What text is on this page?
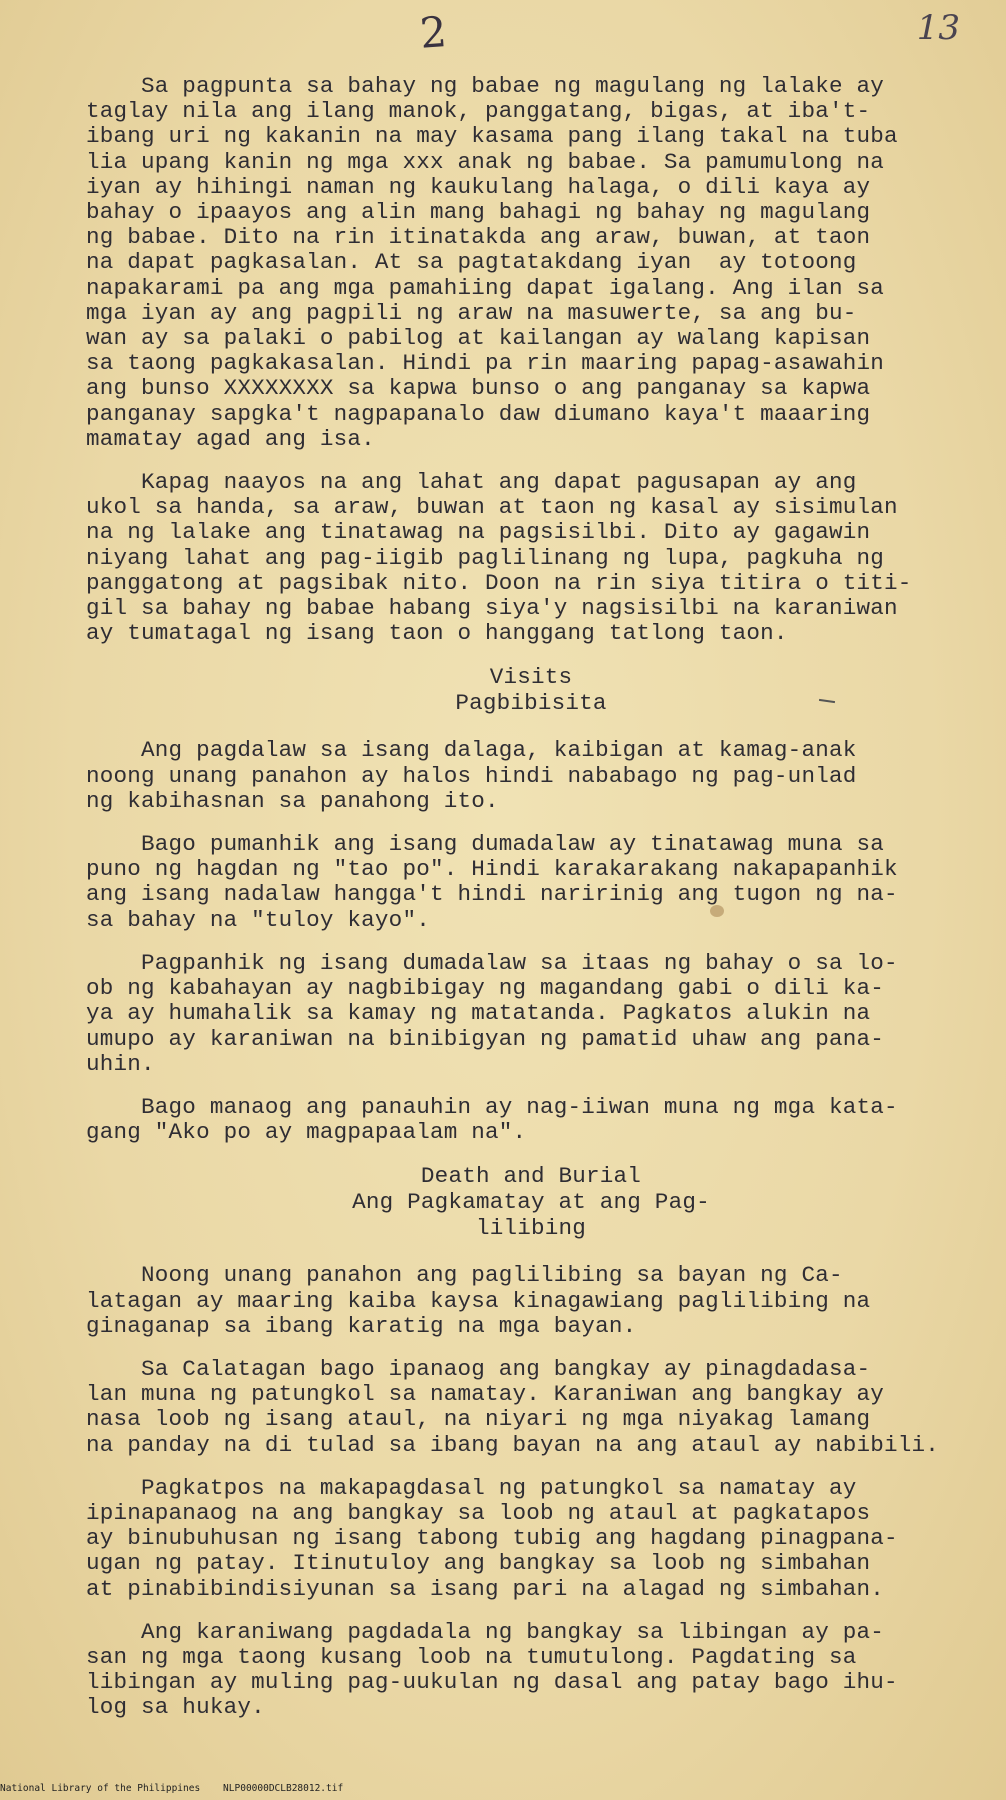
2	13
Sa pagpunta sa bahay ng babae ng magulang ng lalake ay
taglay nila ang ilang manok, panggatang, bigas, at iba't-
ibang uri ng kakanin na may kasama pang ilang takal na tuba
lia upang kanin ng mga xxx anak ng babae. Sa pamumulong na
iyan ay hihingi naman ng kaukulang halaga, o dili kaya ay
bahay o ipaayos ang alin mang bahagi ng bahay ng magulang
ng babae. Dito na rin itinatakda ang araw, buwan, at taon
na dapat pagkasalan. At sa pagtatakdang iyan  ay totoong
napakarami pa ang mga pamahiing dapat igalang. Ang ilan sa
mga iyan ay ang pagpili ng araw na masuwerte, sa ang bu-
wan ay sa palaki o pabilog at kailangan ay walang kapisan
sa taong pagkakasalan. Hindi pa rin maaring papag-asawahin
ang bunso XXXXXXXX sa kapwa bunso o ang panganay sa kapwa
panganay sapgka't nagpapanalo daw diumano kaya't maaaring
mamatay agad ang isa.
Kapag naayos na ang lahat ang dapat pagusapan ay ang
ukol sa handa, sa araw, buwan at taon ng kasal ay sisimulan
na ng lalake ang tinatawag na pagsisilbi. Dito ay gagawin
niyang lahat ang pag-iigib paglilinang ng lupa, pagkuha ng
panggatong at pagsibak nito. Doon na rin siya titira o titi-
gil sa bahay ng babae habang siya'y nagsisilbi na karaniwan
ay tumatagal ng isang taon o hanggang tatlong taon.
Visits
Pagbibisita
Ang pagdalaw sa isang dalaga, kaibigan at kamag-anak
noong unang panahon ay halos hindi nababago ng pag-unlad
ng kabihasnan sa panahong ito.
Bago pumanhik ang isang dumadalaw ay tinatawag muna sa
puno ng hagdan ng "tao po". Hindi karakarakang nakapapanhik
ang isang nadalaw hangga't hindi naririnig ang tugon ng na-
sa bahay na "tuloy kayo".
Pagpanhik ng isang dumadalaw sa itaas ng bahay o sa lo-
ob ng kabahayan ay nagbibigay ng magandang gabi o dili ka-
ya ay humahalik sa kamay ng matatanda. Pagkatos alukin na
umupo ay karaniwan na binibigyan ng pamatid uhaw ang pana-
uhin.
Bago manaog ang panauhin ay nag-iiwan muna ng mga kata-
gang "Ako po ay magpapaalam na".
Death and Burial
Ang Pagkamatay at ang Pag-
lilibing
Noong unang panahon ang paglilibing sa bayan ng Ca-
latagan ay maaring kaiba kaysa kinagawiang paglilibing na
ginaganap sa ibang karatig na mga bayan.
Sa Calatagan bago ipanaog ang bangkay ay pinagdadasa-
lan muna ng patungkol sa namatay. Karaniwan ang bangkay ay
nasa loob ng isang ataul, na niyari ng mga niyakag lamang
na panday na di tulad sa ibang bayan na ang ataul ay nabibili.
Pagkatpos na makapagdasal ng patungkol sa namatay ay
ipinapanaog na ang bangkay sa loob ng ataul at pagkatapos
ay binubuhusan ng isang tabong tubig ang hagdang pinagpana-
ugan ng patay. Itinutuloy ang bangkay sa loob ng simbahan
at pinabibindisiyunan sa isang pari na alagad ng simbahan.
Ang karaniwang pagdadala ng bangkay sa libingan ay pa-
san ng mga taong kusang loob na tumutulong. Pagdating sa
libingan ay muling pag-uukulan ng dasal ang patay bago ihu-
log sa hukay.
National Library of the Philippines    NLP00000DCLB28012.tif
